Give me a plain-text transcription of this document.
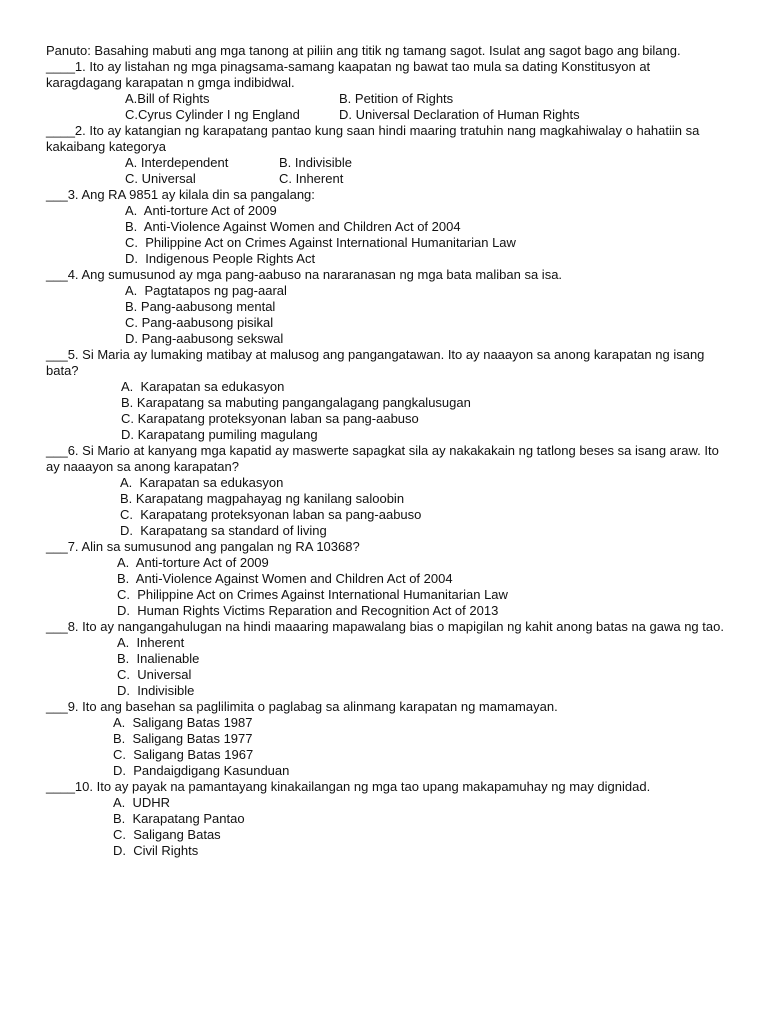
Panuto: Basahing mabuti ang mga tanong at piliin ang titik ng tamang sagot. Isulat ang sagot bago ang bilang.
____1. Ito ay listahan ng mga pinagsama-samang kaapatan ng bawat tao mula sa dating Konstitusyon at karagdagang karapatan n gmga indibidwal.
A.Bill of Rights	B. Petition of Rights
C.Cyrus Cylinder I ng England	D. Universal Declaration of Human Rights
____2. Ito ay katangian ng karapatang pantao kung saan hindi maaring tratuhin nang magkahiwalay o hahatiin sa kakaibang kategorya
A. Interdependent	B. Indivisible
C. Universal	C. Inherent
___3. Ang RA 9851 ay kilala din sa pangalang:
A.  Anti-torture Act of 2009
B.  Anti-Violence Against Women and Children Act of 2004
C.  Philippine Act on Crimes Against International Humanitarian Law
D.  Indigenous People Rights Act
___4. Ang sumusunod ay mga pang-aabuso na nararanasan ng mga bata maliban sa isa.
A.  Pagtatapos ng pag-aaral
B. Pang-aabusong mental
C. Pang-aabusong pisikal
D. Pang-aabusong sekswal
___5. Si Maria ay lumaking matibay at malusog ang pangangatawan. Ito ay naaayon sa anong karapatan ng isang bata?
A.  Karapatan sa edukasyon
B. Karapatang sa mabuting pangangalagang pangkalusugan
C. Karapatang proteksyonan laban sa pang-aabuso
D. Karapatang pumiling magulang
___6. Si Mario at kanyang mga kapatid ay maswerte sapagkat sila ay nakakakain ng tatlong beses sa isang araw. Ito ay naaayon sa anong karapatan?
A.  Karapatan sa edukasyon
B. Karapatang magpahayag ng kanilang saloobin
C.  Karapatang proteksyonan laban sa pang-aabuso
D.  Karapatang sa standard of living
___7. Alin sa sumusunod ang pangalan ng RA 10368?
A.  Anti-torture Act of 2009
B.  Anti-Violence Against Women and Children Act of 2004
C.  Philippine Act on Crimes Against International Humanitarian Law
D.  Human Rights Victims Reparation and Recognition Act of 2013
___8. Ito ay nangangahulugan na hindi maaaring mapawalang bias o mapigilan ng kahit anong batas na gawa ng tao.
A.  Inherent
B.  Inalienable
C.  Universal
D.  Indivisible
___9. Ito ang basehan sa paglilimita o paglabag sa alinmang karapatan ng mamamayan.
A.  Saligang Batas 1987
B.  Saligang Batas 1977
C.  Saligang Batas 1967
D.  Pandaigdigang Kasunduan
____10. Ito ay payak na pamantayang kinakailangan ng mga tao upang makapamuhay ng may dignidad.
A.  UDHR
B.  Karapatang Pantao
C.  Saligang Batas
D.  Civil Rights
